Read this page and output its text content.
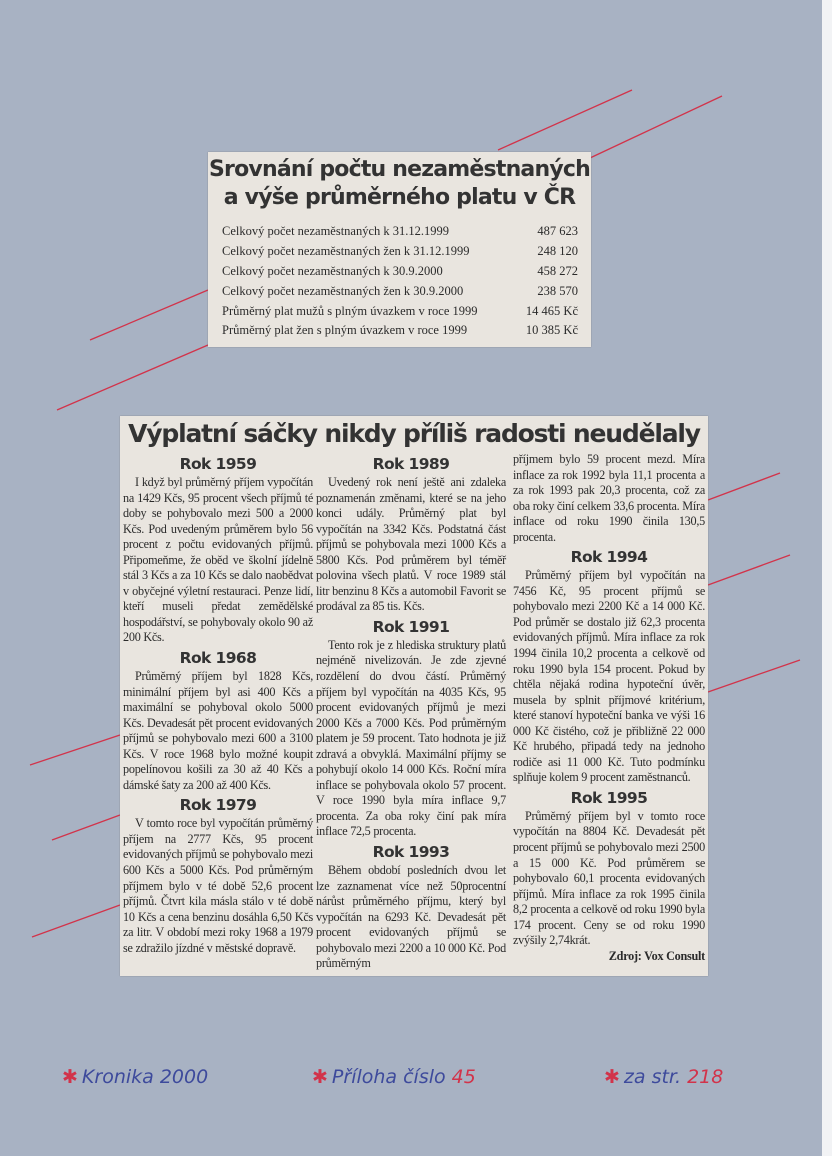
Srovnání počtu nezaměstnaných
a výše průměrného platu v ČR
Celkový počet nezaměstnaných k 31.12.1999	487 623
Celkový počet nezaměstnaných žen k 31.12.1999	248 120
Celkový počet nezaměstnaných k 30.9.2000	458 272
Celkový počet nezaměstnaných žen k 30.9.2000	238 570
Průměrný plat mužů s plným úvazkem v roce 1999	14 465 Kč
Průměrný plat žen s plným úvazkem v roce 1999	10 385 Kč
Výplatní sáčky nikdy příliš radosti neudělaly
Rok 1959

I když byl průměrný příjem vypočítán na 1429 Kčs, 95 procent všech příjmů té doby se pohybovalo mezi 500 a 2000 Kčs. Pod uvedeným průměrem bylo 56 procent z počtu evidovaných příjmů. Připomeňme, že oběd ve školní jídelně stál 3 Kčs a za 10 Kčs se dalo naobědvat v obyčejné výletní restauraci. Penze lidí, kteří museli předat zemědělské hospodářství, se pohybovaly okolo 90 až 200 Kčs.

Rok 1968

Průměrný příjem byl 1828 Kčs, minimální příjem byl asi 400 Kčs a maximální se pohyboval okolo 5000 Kčs. Devadesát pět procent evidovaných příjmů se pohybovalo mezi 600 a 3100 Kčs. V roce 1968 bylo možné koupit popelínovou košili za 30 až 40 Kčs a dámské šaty za 200 až 400 Kčs.

Rok 1979

V tomto roce byl vypočítán průměrný příjem na 2777 Kčs, 95 procent evidovaných příjmů se pohybovalo mezi 600 Kčs a 5000 Kčs. Pod průměrným příjmem bylo v té době 52,6 procent příjmů. Čtvrt kila másla stálo v té době 10 Kčs a cena benzinu dosáhla 6,50 Kčs za litr. V období mezi roky 1968 a 1979 se zdražilo jízdné v městské dopravě.

Rok 1989

Uvedený rok není ještě ani zdaleka poznamenán změnami, které se na jeho konci udály. Průměrný plat byl vypočítán na 3342 Kčs. Podstatná část příjmů se pohybovala mezi 1000 Kčs a 5800 Kčs. Pod průměrem byl téměř polovina všech platů. V roce 1989 stál litr benzinu 8 Kčs a automobil Favorit se prodával za 85 tis. Kčs.

Rok 1991

Tento rok je z hlediska struktury platů nejméně nivelizován. Je zde zjevné rozdělení do dvou částí. Průměrný příjem byl vypočítán na 4035 Kčs, 95 procent evidovaných příjmů je mezi 2000 Kčs a 7000 Kčs. Pod průměrným platem je 59 procent. Tato hodnota je již zdravá a obvyklá. Maximální příjmy se pohybují okolo 14 000 Kčs. Roční míra inflace se pohybovala okolo 57 procent. V roce 1990 byla míra inflace 9,7 procenta. Za oba roky činí pak míra inflace 72,5 procenta.

Rok 1993

Během období posledních dvou let lze zaznamenat více než 50procentní nárůst průměrného příjmu, který byl vypočítán na 6293 Kč. Devadesát pět procent evidovaných příjmů se pohybovalo mezi 2200 a 10 000 Kč. Pod průměrným

příjmem bylo 59 procent mezd. Míra inflace za rok 1992 byla 11,1 procenta a za rok 1993 pak 20,3 procenta, což za oba roky činí celkem 33,6 procenta. Míra inflace od roku 1990 činila 130,5 procenta.

Rok 1994

Průměrný příjem byl vypočítán na 7456 Kč, 95 procent příjmů se pohybovalo mezi 2200 Kč a 14 000 Kč. Pod průměr se dostalo již 62,3 procenta evidovaných příjmů. Míra inflace za rok 1994 činila 10,2 procenta a celkově od roku 1990 byla 154 procent. Pokud by chtěla nějaká rodina hypoteční úvěr, musela by splnit příjmové kritérium, které stanoví hypoteční banka ve výši 16 000 Kč čistého, což je přibližně 22 000 Kč hrubého, připadá tedy na jednoho rodiče asi 11 000 Kč. Tuto podmínku splňuje kolem 9 procent zaměstnanců.

Rok 1995

Průměrný příjem byl v tomto roce vypočítán na 8804 Kč. Devadesát pět procent příjmů se pohybovalo mezi 2500 a 15 000 Kč. Pod průměrem se pohybovalo 60,1 procenta evidovaných příjmů. Míra inflace za rok 1995 činila 8,2 procenta a celkově od roku 1990 byla 174 procent. Ceny se od roku 1990 zvýšily 2,74krát.

Zdroj: Vox Consult
✱ Kronika 2000	✱ Příloha číslo 45	✱ za str. 218
